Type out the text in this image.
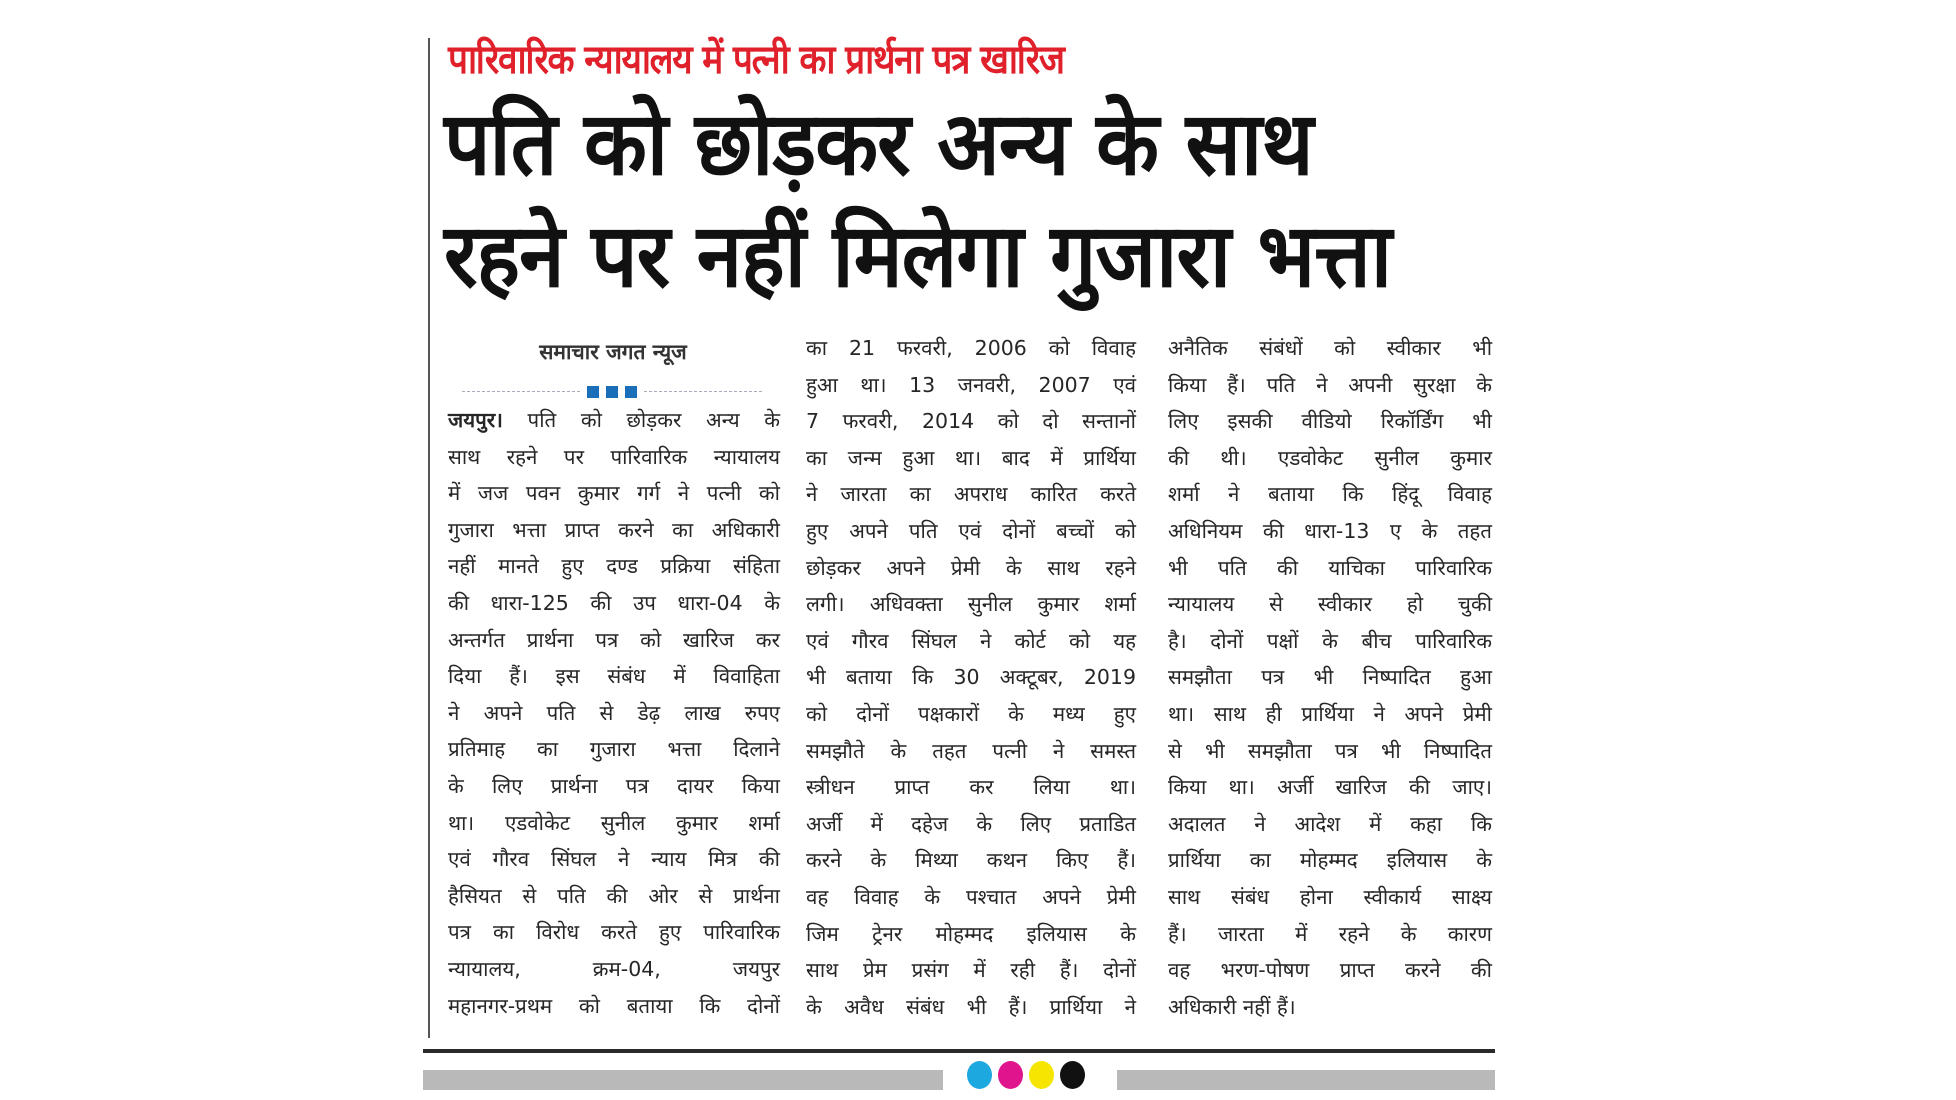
पारिवारिक न्यायालय में पत्नी का प्रार्थना पत्र खारिज
पति को छोड़कर अन्य के साथ
रहने पर नहीं मिलेगा गुजारा भत्ता
समाचार जगत न्यूज
जयपुर। पति को छोड़कर अन्य के
साथ रहने पर पारिवारिक न्यायालय
में जज पवन कुमार गर्ग ने पत्नी को
गुजारा भत्ता प्राप्त करने का अधिकारी
नहीं मानते हुए दण्ड प्रक्रिया संहिता
की धारा-125 की उप धारा-04 के
अन्तर्गत प्रार्थना पत्र को खारिज कर
दिया हैं। इस संबंध में विवाहिता
ने अपने पति से डेढ़ लाख रुपए
प्रतिमाह का गुजारा भत्ता दिलाने
के लिए प्रार्थना पत्र दायर किया
था। एडवोकेट सुनील कुमार शर्मा
एवं गौरव सिंघल ने न्याय मित्र की
हैसियत से पति की ओर से प्रार्थना
पत्र का विरोध करते हुए पारिवारिक
न्यायालय, क्रम-04, जयपुर
महानगर-प्रथम को बताया कि दोनों
का 21 फरवरी, 2006 को विवाह
हुआ था। 13 जनवरी, 2007 एवं
7 फरवरी, 2014 को दो सन्तानों
का जन्म हुआ था। बाद में प्रार्थिया
ने जारता का अपराध कारित करते
हुए अपने पति एवं दोनों बच्चों को
छोड़कर अपने प्रेमी के साथ रहने
लगी। अधिवक्ता सुनील कुमार शर्मा
एवं गौरव सिंघल ने कोर्ट को यह
भी बताया कि 30 अक्टूबर, 2019
को दोनों पक्षकारों के मध्य हुए
समझौते के तहत पत्नी ने समस्त
स्त्रीधन प्राप्त कर लिया था।
अर्जी में दहेज के लिए प्रताडित
करने के मिथ्या कथन किए हैं।
वह विवाह के पश्चात अपने प्रेमी
जिम ट्रेनर मोहम्मद इलियास के
साथ प्रेम प्रसंग में रही हैं। दोनों
के अवैध संबंध भी हैं। प्रार्थिया ने
अनैतिक संबंधों को स्वीकार भी
किया हैं। पति ने अपनी सुरक्षा के
लिए इसकी वीडियो रिकॉर्डिंग भी
की थी। एडवोकेट सुनील कुमार
शर्मा ने बताया कि हिंदू विवाह
अधिनियम की धारा-13 ए के तहत
भी पति की याचिका पारिवारिक
न्यायालय से स्वीकार हो चुकी
है। दोनों पक्षों के बीच पारिवारिक
समझौता पत्र भी निष्पादित हुआ
था। साथ ही प्रार्थिया ने अपने प्रेमी
से भी समझौता पत्र भी निष्पादित
किया था। अर्जी खारिज की जाए।
अदालत ने आदेश में कहा कि
प्रार्थिया का मोहम्मद इलियास के
साथ संबंध होना स्वीकार्य साक्ष्य
हैं। जारता में रहने के कारण
वह भरण-पोषण प्राप्त करने की
अधिकारी नहीं हैं।
